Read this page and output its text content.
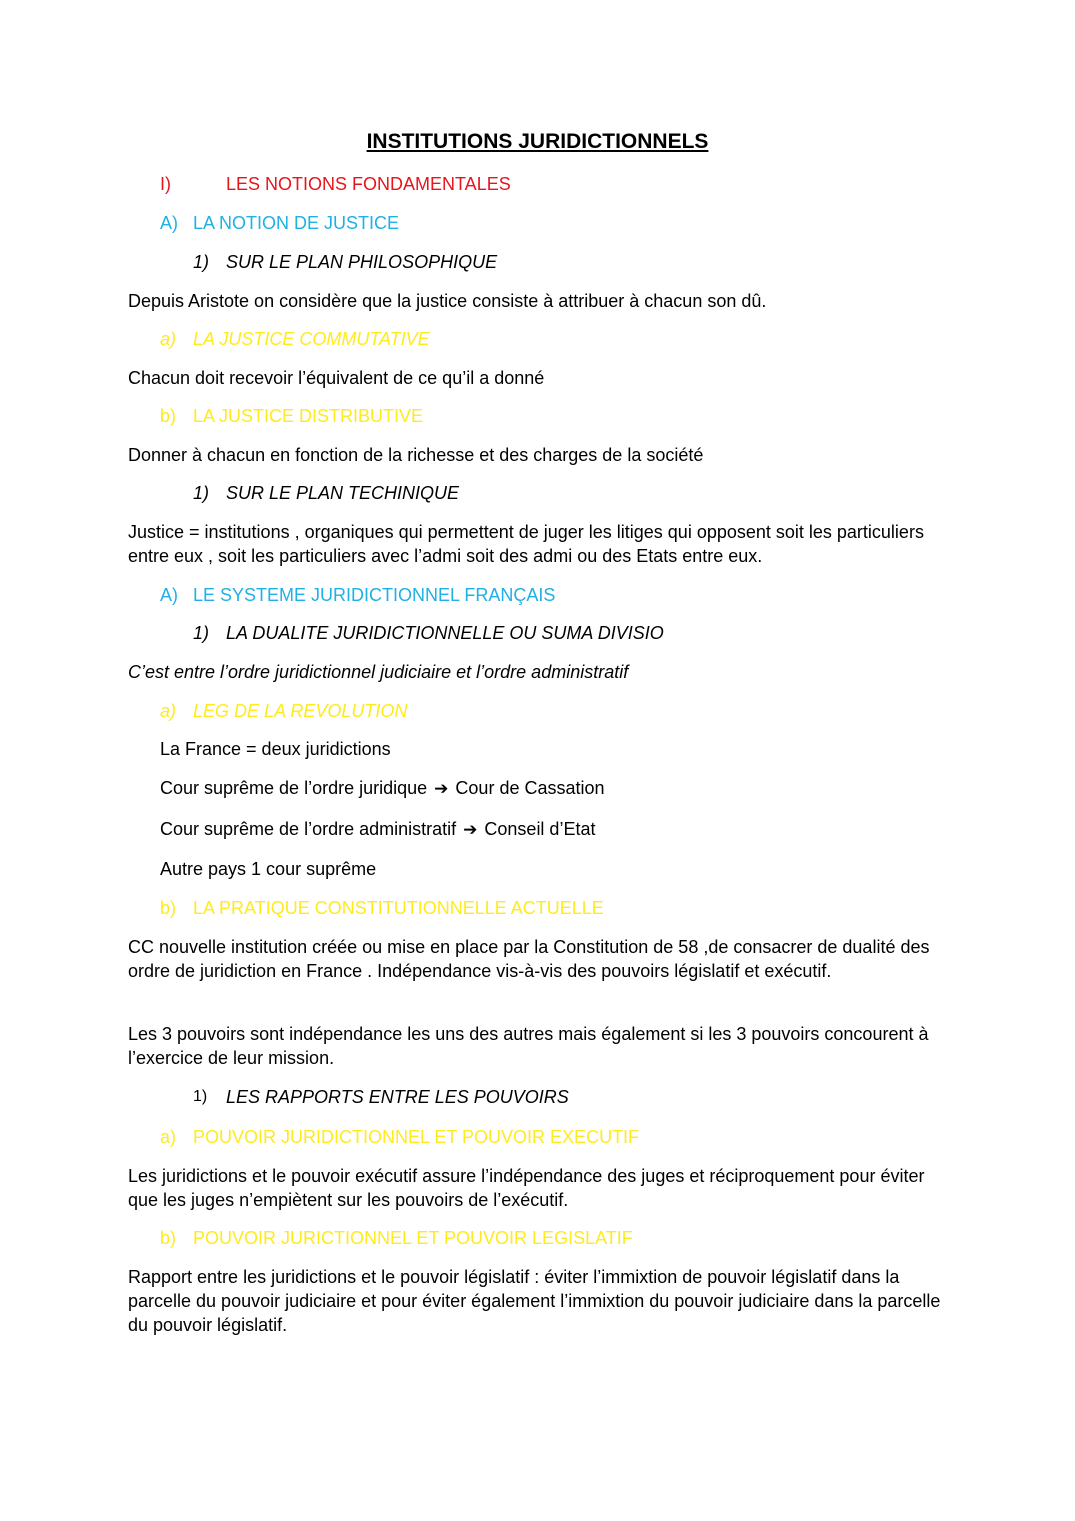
INSTITUTIONS JURIDICTIONNELS
I)	LES NOTIONS FONDAMENTALES
A) LA NOTION DE JUSTICE
1) SUR LE PLAN PHILOSOPHIQUE
Depuis Aristote on considère que la justice consiste à attribuer à chacun son dû.
a) LA JUSTICE COMMUTATIVE
Chacun doit recevoir l’équivalent de ce qu’il a donné
b) LA JUSTICE DISTRIBUTIVE
Donner à chacun en fonction de la richesse et des charges de la société
1) SUR LE PLAN TECHINIQUE
Justice = institutions , organiques qui permettent de juger les litiges qui opposent soit les particuliers entre eux , soit les particuliers avec l’admi soit des admi ou des Etats entre eux.
A) LE SYSTEME JURIDICTIONNEL FRANÇAIS
1) LA DUALITE JURIDICTIONNELLE OU SUMA DIVISIO
C’est entre l’ordre juridictionnel judiciaire et l’ordre administratif
a) LEG DE LA REVOLUTION
La France = deux juridictions
Cour suprême de l’ordre juridique ➔ Cour de Cassation
Cour suprême de l’ordre administratif ➔ Conseil d’Etat
Autre pays 1 cour suprême
b) LA PRATIQUE CONSTITUTIONNELLE ACTUELLE
CC nouvelle institution créée ou mise en place par la Constitution de 58 ,de consacrer de dualité des ordre de juridiction en France . Indépendance vis-à-vis des pouvoirs législatif et exécutif.
Les 3 pouvoirs sont indépendance les uns des autres mais également si les 3 pouvoirs concourent à l’exercice de leur mission.
1) LES RAPPORTS ENTRE LES POUVOIRS
a) POUVOIR JURIDICTIONNEL ET POUVOIR EXECUTIF
Les juridictions et le pouvoir exécutif assure l’indépendance des juges et réciproquement pour éviter que les juges n’empiètent sur les pouvoirs de l’exécutif.
b) POUVOIR JURICTIONNEL ET POUVOIR LEGISLATIF
Rapport entre les juridictions et le pouvoir législatif : éviter l’immixtion de pouvoir législatif dans la parcelle du pouvoir judiciaire et pour éviter également l’immixtion du pouvoir judiciaire dans la parcelle du pouvoir législatif.
